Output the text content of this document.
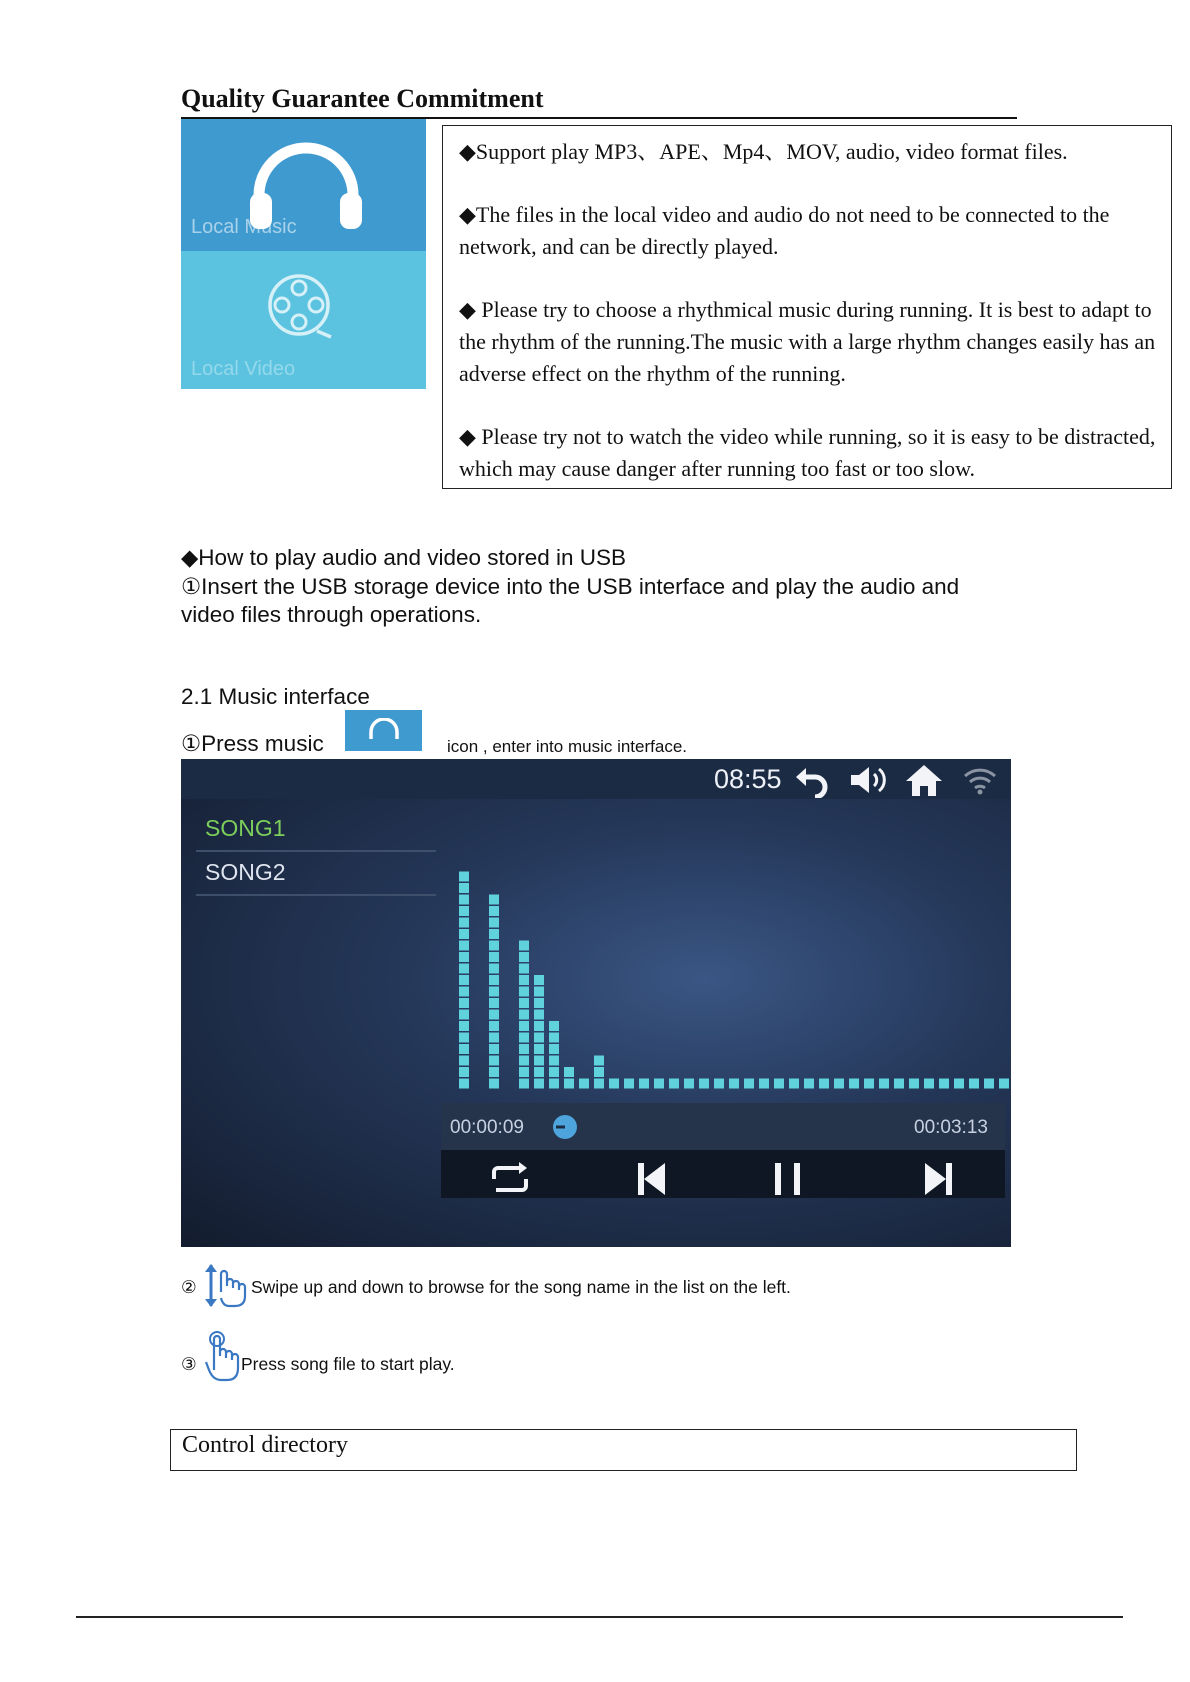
Quality Guarantee Commitment
Local Music
Local Video

◆Support play MP3、APE、Mp4、MOV, audio, video format files.

◆The files in the local video and audio do not need to be connected to the network, and can be directly played.

◆ Please try to choose a rhythmical music during running. It is best to adapt to the rhythm of the running.The music with a large rhythm changes easily has an adverse effect on the rhythm of the running.

◆ Please try not to watch the video while running, so it is easy to be distracted, which may cause danger after running too fast or too slow.

◆How to play audio and video stored in USB
①Insert the USB storage device into the USB interface and play the audio and
video files through operations.
2.1 Music interface
①Press music	icon , enter into music interface.
08:55
SONG1
SONG2
00:00:09	00:03:13
②	Swipe up and down to browse for the song name in the list on the left.
③	Press song file to start play.
Control directory
